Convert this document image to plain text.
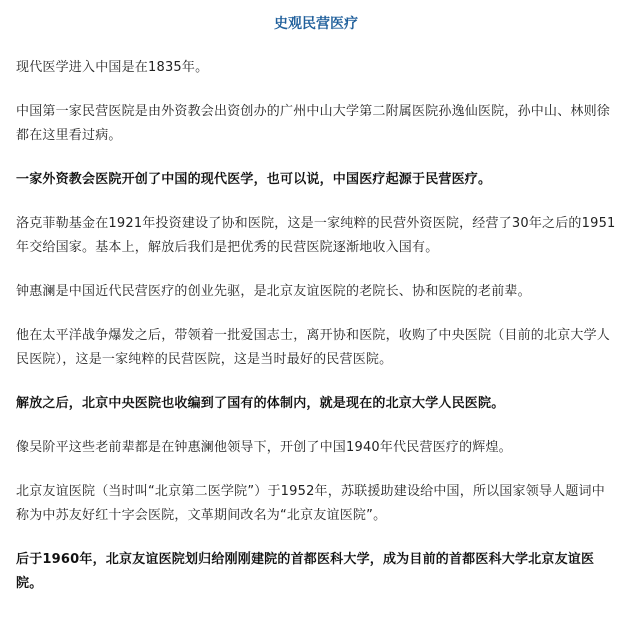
史观民营医疗

现代医学进入中国是在1835年。

中国第一家民营医院是由外资教会出资创办的广州中山大学第二附属医院孙逸仙医院，孙中山、林则徐都在这里看过病。

一家外资教会医院开创了中国的现代医学，也可以说，中国医疗起源于民营医疗。

洛克菲勒基金在1921年投资建设了协和医院，这是一家纯粹的民营外资医院，经营了30年之后的1951年交给国家。基本上，解放后我们是把优秀的民营医院逐渐地收入国有。

钟惠澜是中国近代民营医疗的创业先驱，是北京友谊医院的老院长、协和医院的老前辈。

他在太平洋战争爆发之后，带领着一批爱国志士，离开协和医院，收购了中央医院（目前的北京大学人民医院），这是一家纯粹的民营医院，这是当时最好的民营医院。

解放之后，北京中央医院也收编到了国有的体制内，就是现在的北京大学人民医院。

像吴阶平这些老前辈都是在钟惠澜他领导下，开创了中国1940年代民营医疗的辉煌。

北京友谊医院（当时叫“北京第二医学院”）于1952年，苏联援助建设给中国，所以国家领导人题词中称为中苏友好红十字会医院，文革期间改名为“北京友谊医院”。

后于1960年，北京友谊医院划归给刚刚建院的首都医科大学，成为目前的首都医科大学北京友谊医院。
